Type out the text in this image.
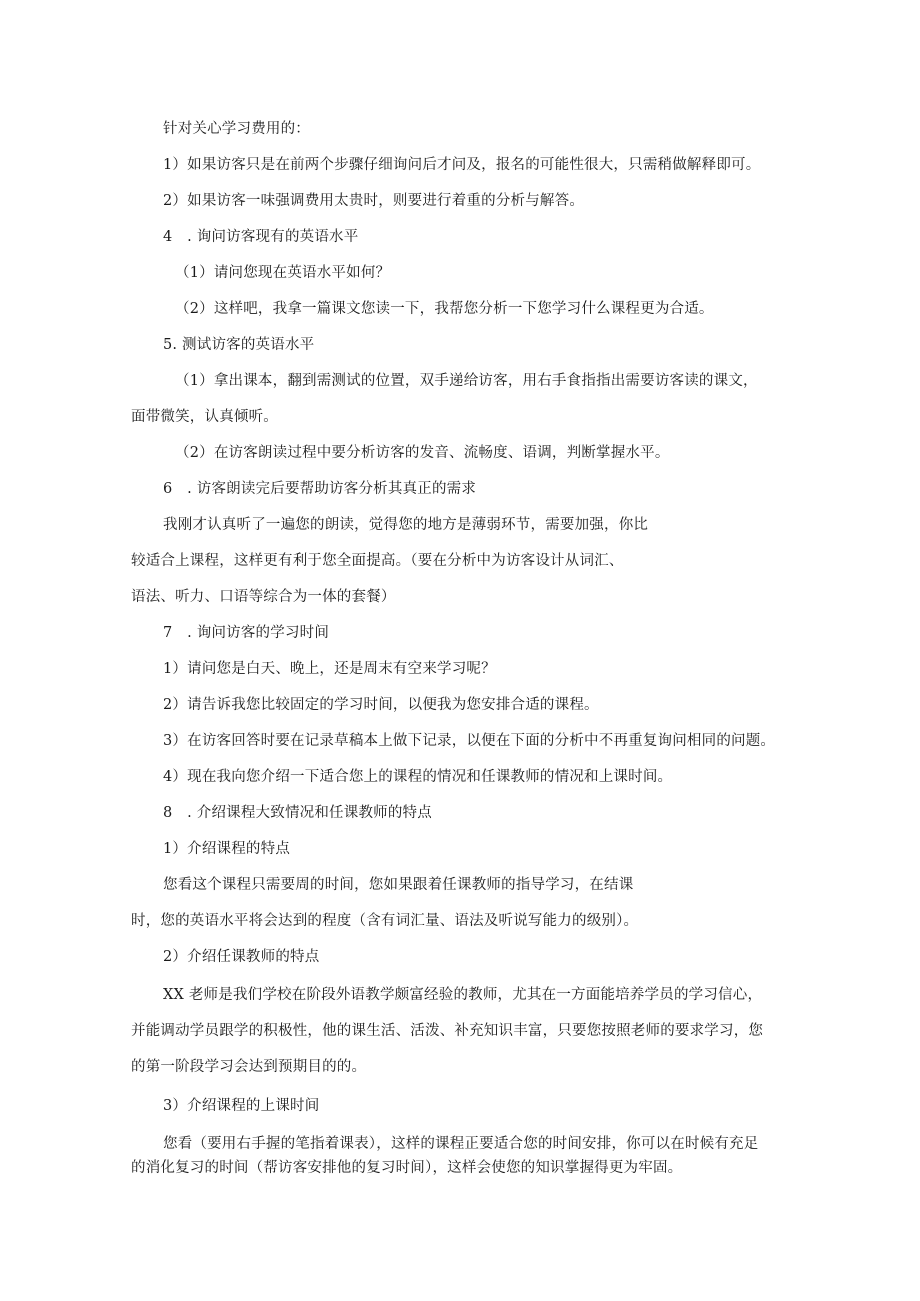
针对关心学习费用的：
1）如果访客只是在前两个步骤仔细询问后才问及，报名的可能性很大，只需稍做解释即可。
2）如果访客一味强调费用太贵时，则要进行着重的分析与解答。
4　. 询问访客现有的英语水平
（1）请问您现在英语水平如何？
（2）这样吧，我拿一篇课文您读一下，我帮您分析一下您学习什么课程更为合适。
5. 测试访客的英语水平
（1）拿出课本，翻到需测试的位置，双手递给访客，用右手食指指出需要访客读的课文，
面带微笑，认真倾听。
（2）在访客朗读过程中要分析访客的发音、流畅度、语调，判断掌握水平。
6　. 访客朗读完后要帮助访客分析其真正的需求
我刚才认真听了一遍您的朗读，觉得您的地方是薄弱环节，需要加强，你比
较适合上课程，这样更有利于您全面提高。（要在分析中为访客设计从词汇、
语法、听力、口语等综合为一体的套餐）
7　. 询问访客的学习时间
1）请问您是白天、晚上，还是周末有空来学习呢？
2）请告诉我您比较固定的学习时间，以便我为您安排合适的课程。
3）在访客回答时要在记录草稿本上做下记录，以便在下面的分析中不再重复询问相同的问题。
4）现在我向您介绍一下适合您上的课程的情况和任课教师的情况和上课时间。
8　. 介绍课程大致情况和任课教师的特点
1）介绍课程的特点
您看这个课程只需要周的时间，您如果跟着任课教师的指导学习，在结课
时，您的英语水平将会达到的程度（含有词汇量、语法及听说写能力的级别）。
2）介绍任课教师的特点
XX 老师是我们学校在阶段外语教学颇富经验的教师，尤其在一方面能培养学员的学习信心，
并能调动学员跟学的积极性，他的课生活、活泼、补充知识丰富，只要您按照老师的要求学习，您
的第一阶段学习会达到预期目的的。
3）介绍课程的上课时间
您看（要用右手握的笔指着课表），这样的课程正要适合您的时间安排，你可以在时候有充足
的消化复习的时间（帮访客安排他的复习时间），这样会使您的知识掌握得更为牢固。
